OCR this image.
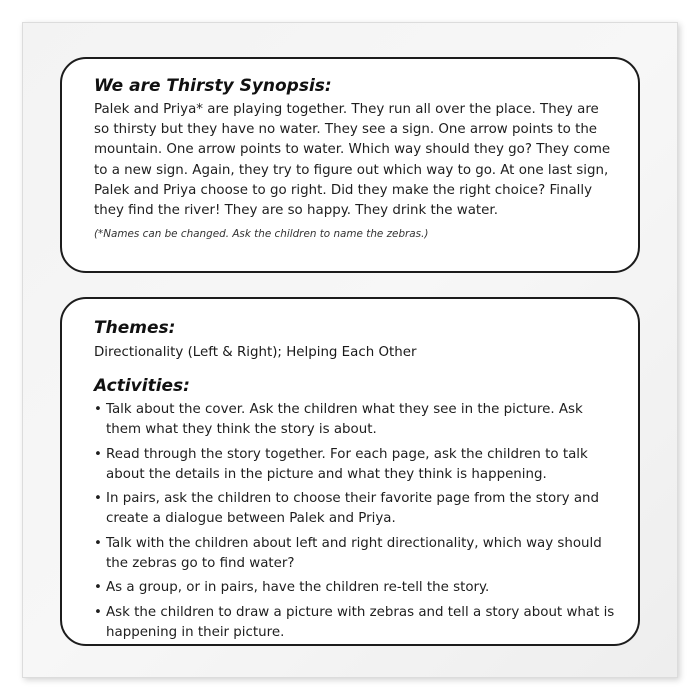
We are Thirsty Synopsis:

Palek and Priya* are playing together. They run all over the place. They are so thirsty but they have no water. They see a sign. One arrow points to the mountain. One arrow points to water. Which way should they go? They come to a new sign. Again, they try to figure out which way to go. At one last sign, Palek and Priya choose to go right. Did they make the right choice? Finally they find the river! They are so happy. They drink the water.

(*Names can be changed. Ask the children to name the zebras.)

Themes:

Directionality (Left & Right); Helping Each Other

Activities:
• Talk about the cover. Ask the children what they see in the picture. Ask them what they think the story is about.
• Read through the story together. For each page, ask the children to talk about the details in the picture and what they think is happening.
• In pairs, ask the children to choose their favorite page from the story and create a dialogue between Palek and Priya.
• Talk with the children about left and right directionality, which way should the zebras go to find water?
• As a group, or in pairs, have the children re-tell the story.
• Ask the children to draw a picture with zebras and tell a story about what is happening in their picture.
